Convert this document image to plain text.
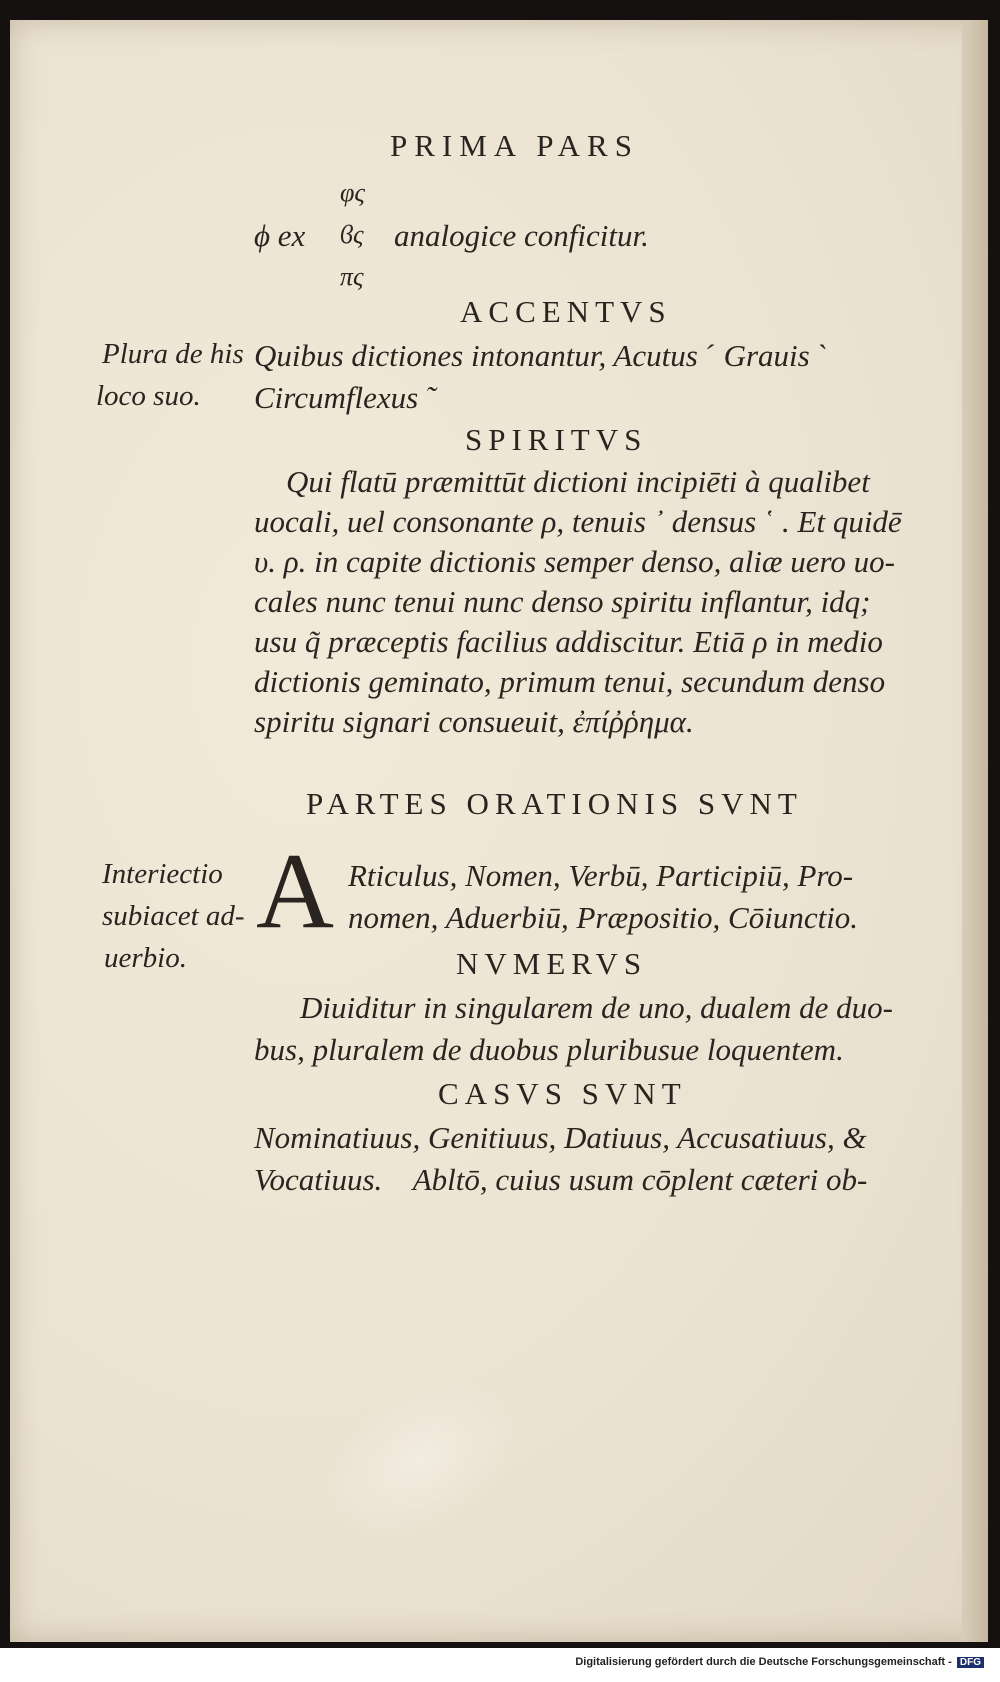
PRIMA PARS
φς
ϕ ex ϐς analogice conficitur.
πς
ACCENTVS
Plura de his
loco suo.
Quibus dictiones intonantur, Acutus ˊ Grauis ˋ
Circumflexus ῀
SPIRITVS
Qui flatū præmittūt dictioni incipiēti à qualibet
uocali, uel consonante ρ, tenuis ᾿ densus ῾ . Et quidē
υ. ρ. in capite dictionis semper denso, aliæ uero uo-
cales nunc tenui nunc denso spiritu inflantur, idq;
usu q̃ præceptis facilius addiscitur. Etiā ρ in medio
dictionis geminato, primum tenui, secundum denso
spiritu signari consueuit, ἐπίῤῥημα.
PARTES ORATIONIS SVNT
Interiectio
subiacet ad-
uerbio.
A Rticulus, Nomen, Verbū, Participiū, Pro-
nomen, Aduerbiū, Præpositio, Cōiunctio.
NVMERVS
Diuiditur in singularem de uno, dualem de duo-
bus, pluralem de duobus pluribusue loquentem.
CASVS SVNT
Nominatiuus, Genitiuus, Datiuus, Accusatiuus, &
Vocatiuus.    Abltō, cuius usum cōplent cæteri ob-
Digitalisierung gefördert durch die Deutsche Forschungsgemeinschaft - DFG
